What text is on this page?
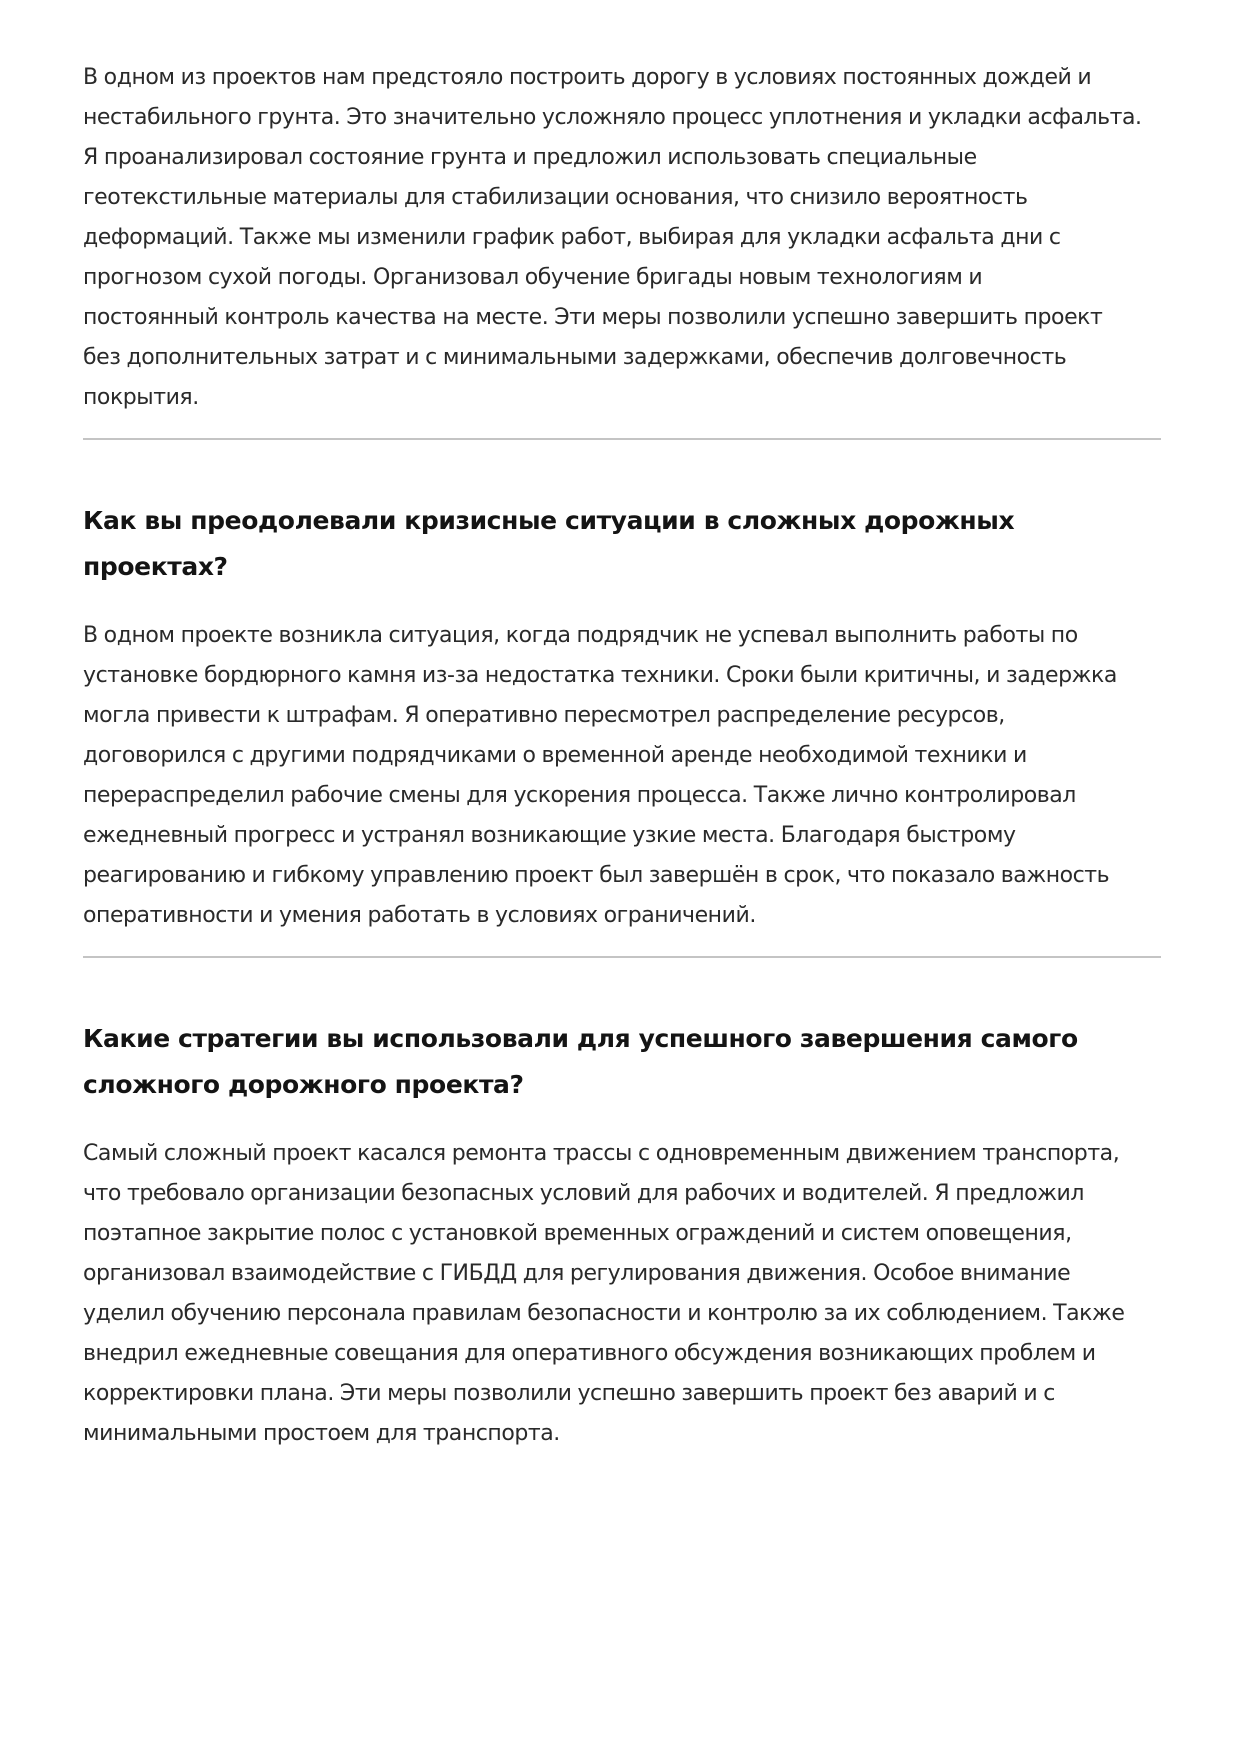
В одном из проектов нам предстояло построить дорогу в условиях постоянных дождей и
нестабильного грунта. Это значительно усложняло процесс уплотнения и укладки асфальта.
Я проанализировал состояние грунта и предложил использовать специальные
геотекстильные материалы для стабилизации основания, что снизило вероятность
деформаций. Также мы изменили график работ, выбирая для укладки асфальта дни с
прогнозом сухой погоды. Организовал обучение бригады новым технологиям и
постоянный контроль качества на месте. Эти меры позволили успешно завершить проект
без дополнительных затрат и с минимальными задержками, обеспечив долговечность
покрытия.

Как вы преодолевали кризисные ситуации в сложных дорожных
проектах?

В одном проекте возникла ситуация, когда подрядчик не успевал выполнить работы по
установке бордюрного камня из-за недостатка техники. Сроки были критичны, и задержка
могла привести к штрафам. Я оперативно пересмотрел распределение ресурсов,
договорился с другими подрядчиками о временной аренде необходимой техники и
перераспределил рабочие смены для ускорения процесса. Также лично контролировал
ежедневный прогресс и устранял возникающие узкие места. Благодаря быстрому
реагированию и гибкому управлению проект был завершён в срок, что показало важность
оперативности и умения работать в условиях ограничений.

Какие стратегии вы использовали для успешного завершения самого
сложного дорожного проекта?

Самый сложный проект касался ремонта трассы с одновременным движением транспорта,
что требовало организации безопасных условий для рабочих и водителей. Я предложил
поэтапное закрытие полос с установкой временных ограждений и систем оповещения,
организовал взаимодействие с ГИБДД для регулирования движения. Особое внимание
уделил обучению персонала правилам безопасности и контролю за их соблюдением. Также
внедрил ежедневные совещания для оперативного обсуждения возникающих проблем и
корректировки плана. Эти меры позволили успешно завершить проект без аварий и с
минимальными простоем для транспорта.
